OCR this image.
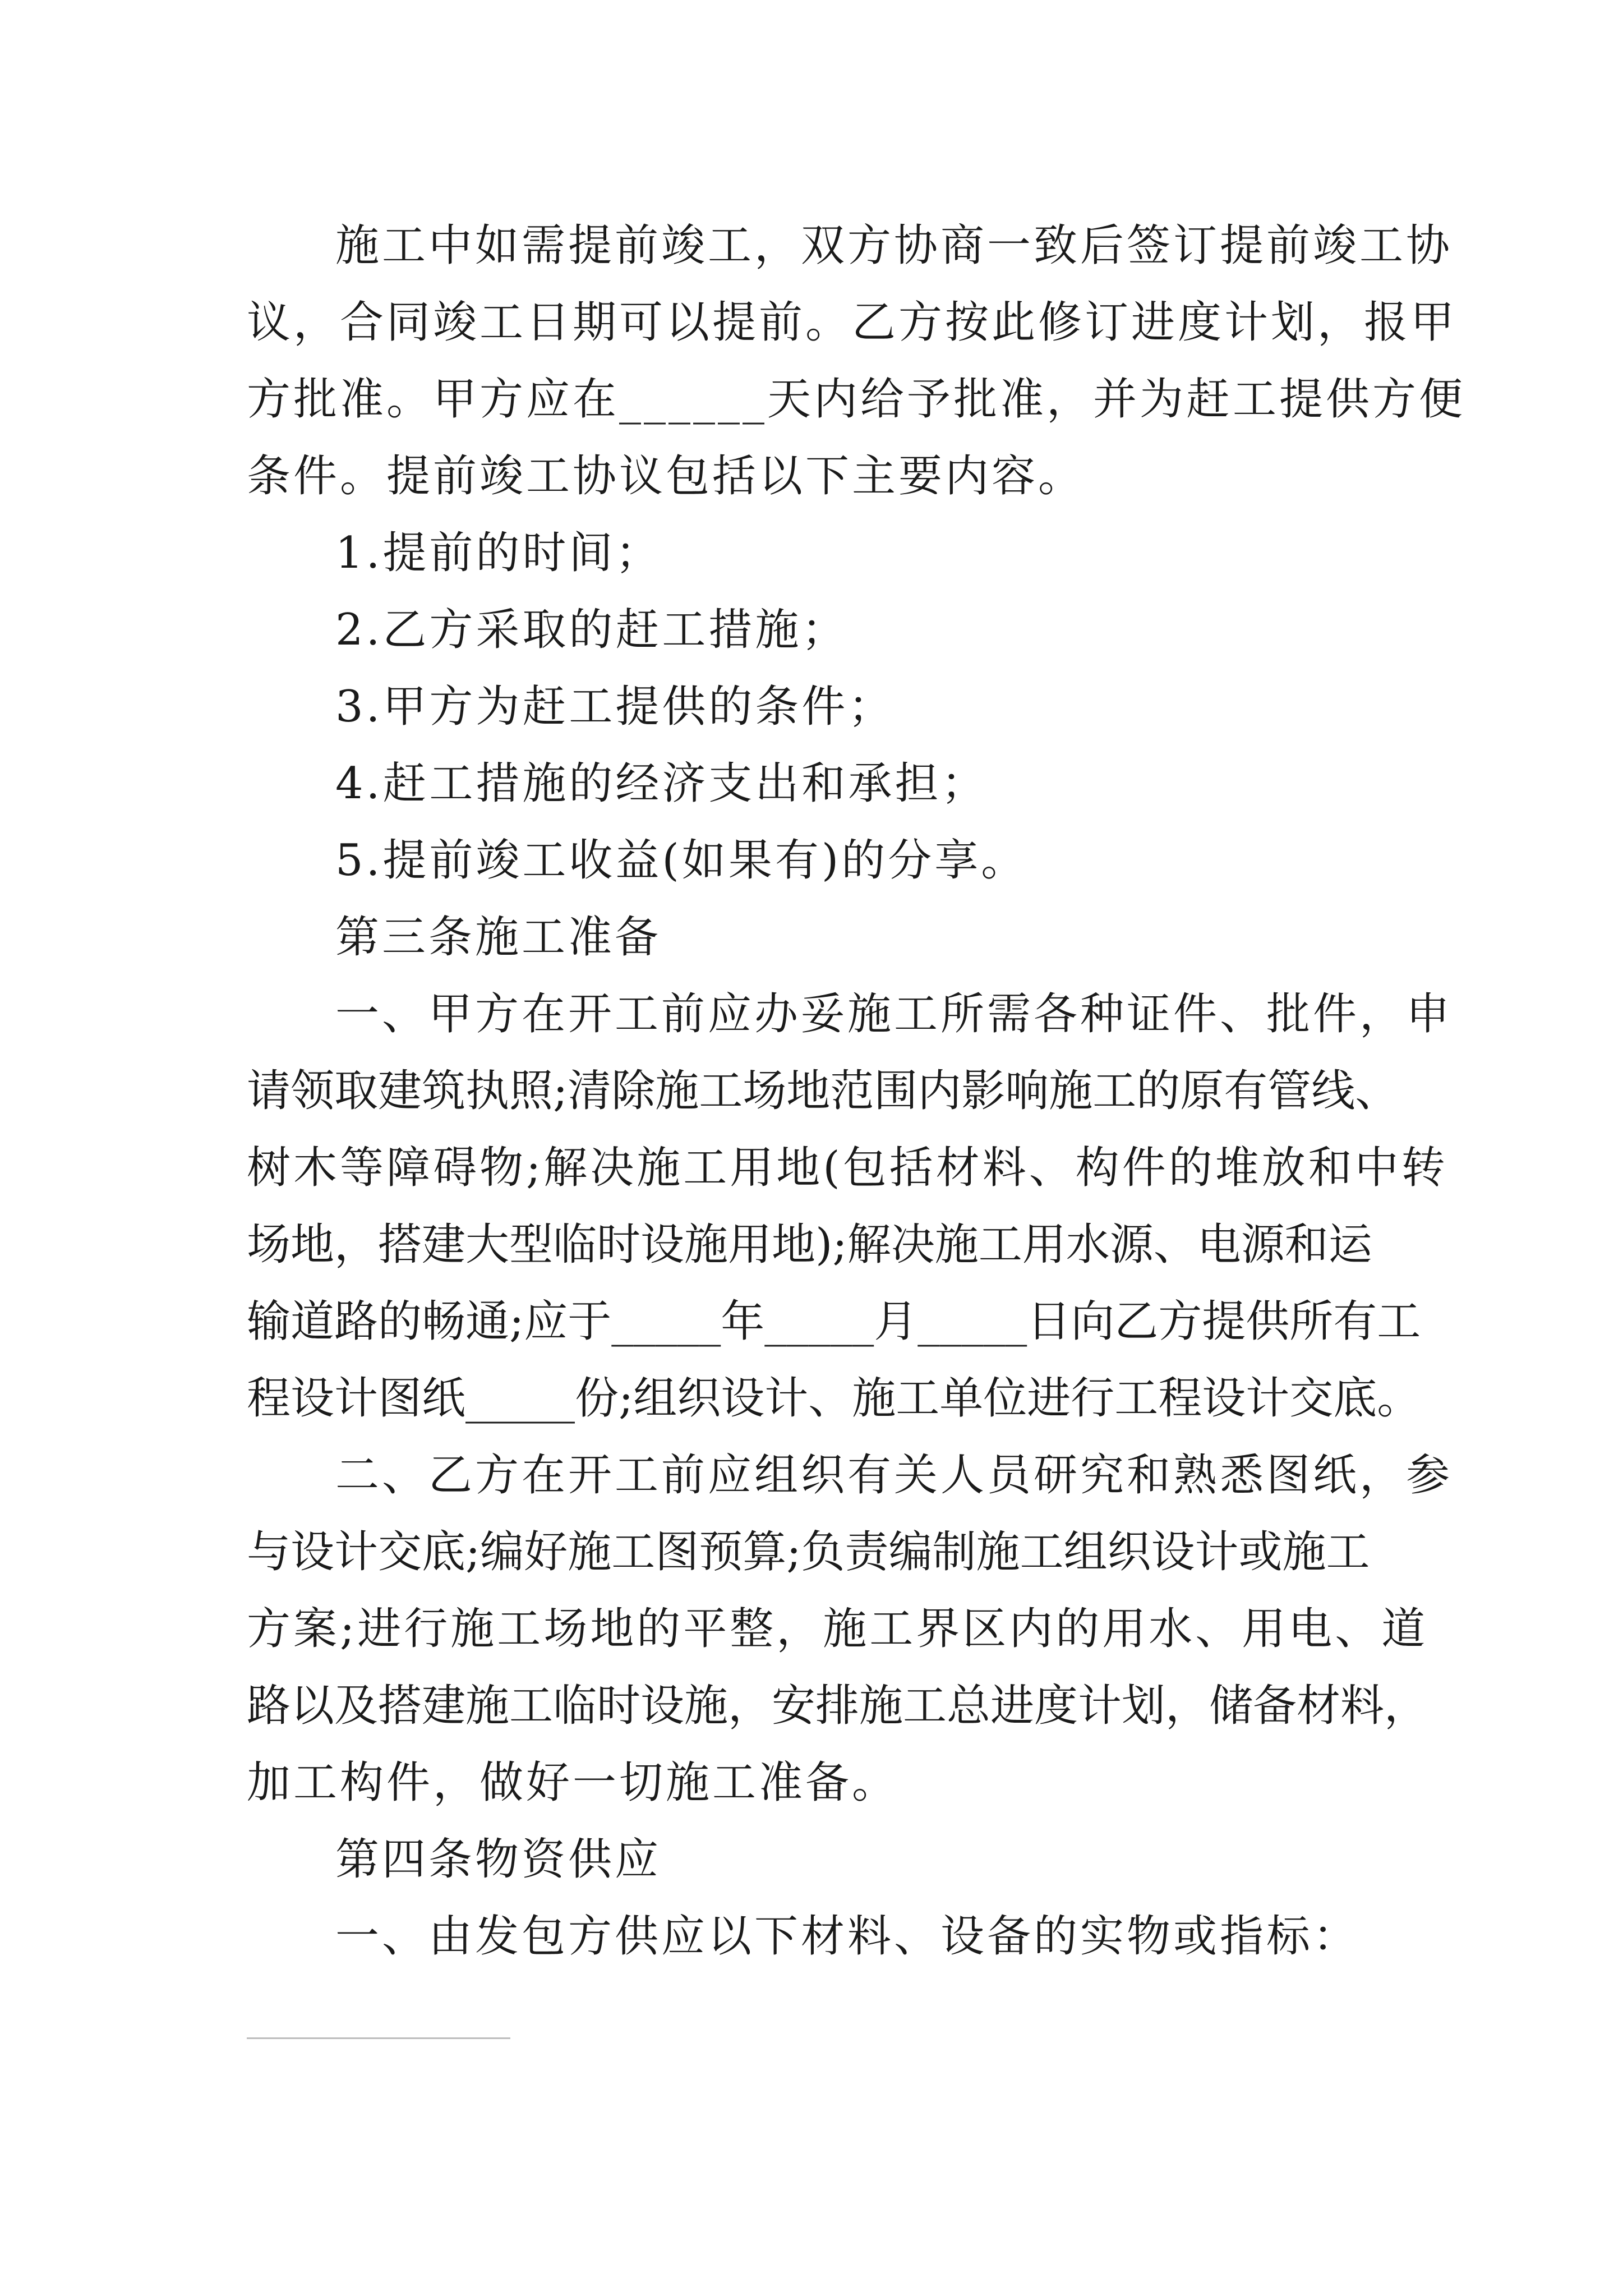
施工中如需提前竣工，双方协商一致后签订提前竣工协
议，合同竣工日期可以提前。乙方按此修订进度计划，报甲
方批准。甲方应在______天内给予批准，并为赶工提供方便
条件。提前竣工协议包括以下主要内容。
1.提前的时间；
2.乙方采取的赶工措施；
3.甲方为赶工提供的条件；
4.赶工措施的经济支出和承担；
5.提前竣工收益(如果有)的分享。
第三条施工准备
一、甲方在开工前应办妥施工所需各种证件、批件，申
请领取建筑执照;清除施工场地范围内影响施工的原有管线、
树木等障碍物;解决施工用地(包括材料、构件的堆放和中转
场地，搭建大型临时设施用地);解决施工用水源、电源和运
输道路的畅通;应于_____年_____月_____日向乙方提供所有工
程设计图纸_____份;组织设计、施工单位进行工程设计交底。
二、乙方在开工前应组织有关人员研究和熟悉图纸，参
与设计交底;编好施工图预算;负责编制施工组织设计或施工
方案;进行施工场地的平整，施工界区内的用水、用电、道
路以及搭建施工临时设施，安排施工总进度计划，储备材料，
加工构件，做好一切施工准备。
第四条物资供应
一、由发包方供应以下材料、设备的实物或指标：
